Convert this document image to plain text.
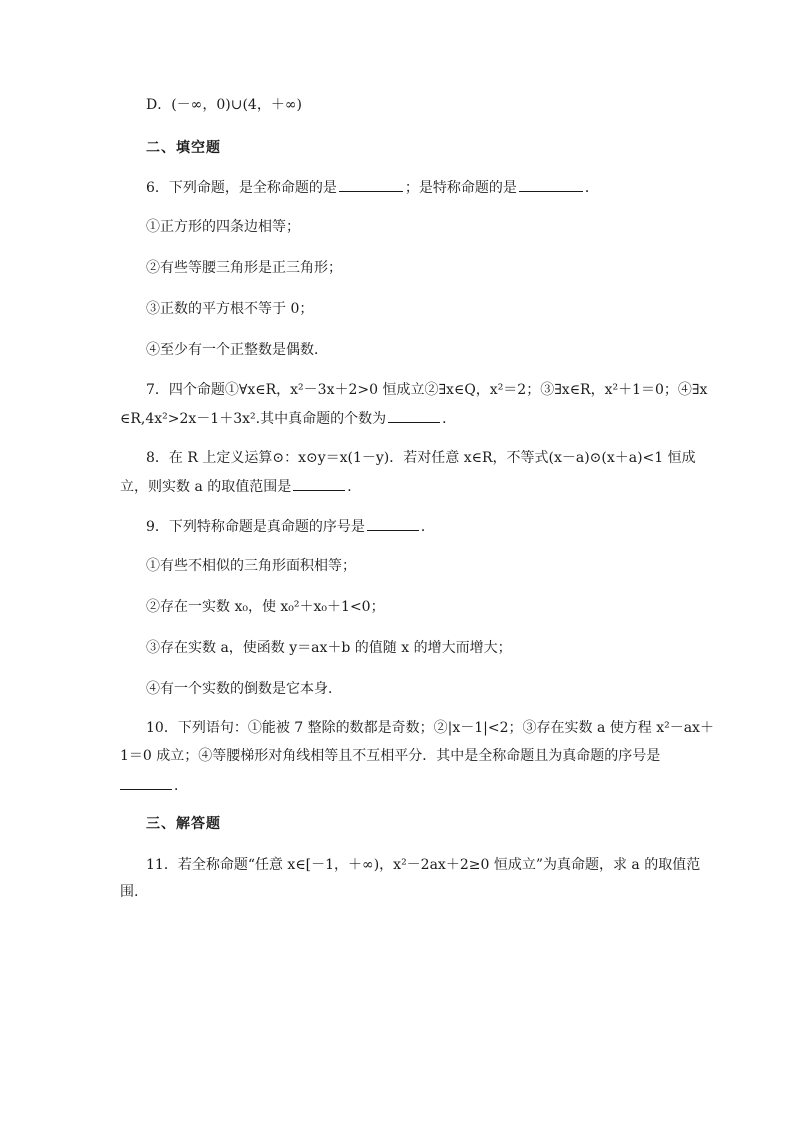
D．(－∞，0)∪(4，＋∞)
二、填空题
6．下列命题，是全称命题的是	；是特称命题的是	．
①正方形的四条边相等；
②有些等腰三角形是正三角形；
③正数的平方根不等于 0；
④至少有一个正整数是偶数．
7．四个命题①∀x∈R，x²－3x＋2>0 恒成立②∃x∈Q，x²＝2；③∃x∈R，x²＋1＝0；④∃x
∈R,4x²>2x－1＋3x².其中真命题的个数为	．
8．在 R 上定义运算⊙：x⊙y＝x(1－y)．若对任意 x∈R，不等式(x－a)⊙(x＋a)<1 恒成
立，则实数 a 的取值范围是	．
9．下列特称命题是真命题的序号是	．
①有些不相似的三角形面积相等；
②存在一实数 x₀，使 x₀²＋x₀＋1<0；
③存在实数 a，使函数 y＝ax＋b 的值随 x 的增大而增大；
④有一个实数的倒数是它本身．
10．下列语句：①能被 7 整除的数都是奇数；②|x－1|<2；③存在实数 a 使方程 x²－ax＋
1＝0 成立；④等腰梯形对角线相等且不互相平分．其中是全称命题且为真命题的序号是
．
三、解答题
11．若全称命题“任意 x∈[－1，＋∞)，x²－2ax＋2≥0 恒成立”为真命题，求 a 的取值范
围.
